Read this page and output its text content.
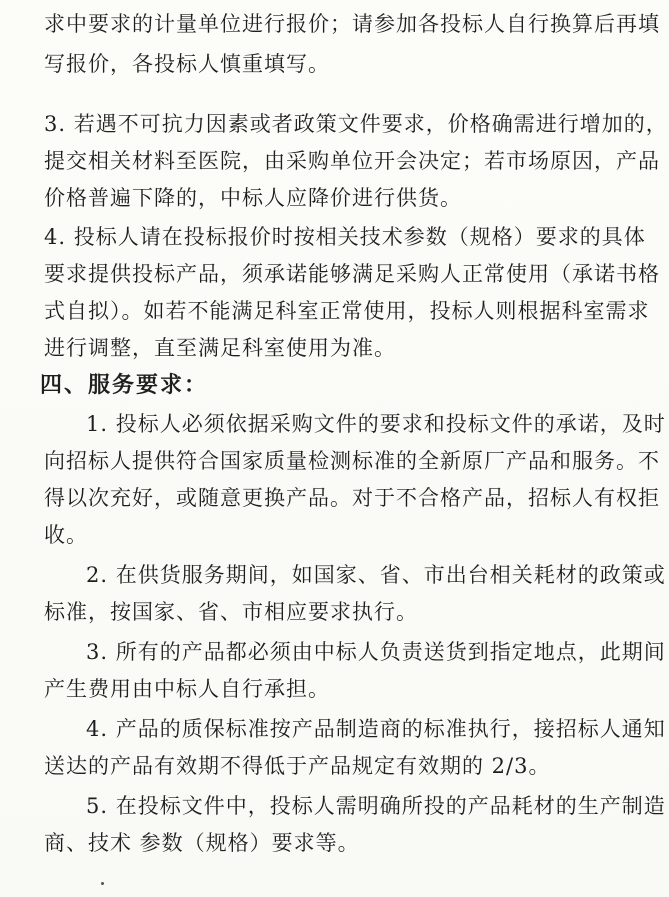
求中要求的计量单位进行报价；请参加各投标人自行换算后再填
写报价，各投标人慎重填写。
3. 若遇不可抗力因素或者政策文件要求，价格确需进行增加的，
提交相关材料至医院，由采购单位开会决定；若市场原因，产品
价格普遍下降的，中标人应降价进行供货。
4. 投标人请在投标报价时按相关技术参数（规格）要求的具体
要求提供投标产品，须承诺能够满足采购人正常使用（承诺书格
式自拟）。如若不能满足科室正常使用，投标人则根据科室需求
进行调整，直至满足科室使用为准。
四、服务要求：
1. 投标人必须依据采购文件的要求和投标文件的承诺，及时
向招标人提供符合国家质量检测标准的全新原厂产品和服务。不
得以次充好，或随意更换产品。对于不合格产品，招标人有权拒
收。
2. 在供货服务期间，如国家、省、市出台相关耗材的政策或
标准，按国家、省、市相应要求执行。
3. 所有的产品都必须由中标人负责送货到指定地点，此期间
产生费用由中标人自行承担。
4. 产品的质保标准按产品制造商的标准执行，接招标人通知
送达的产品有效期不得低于产品规定有效期的 2/3。
5. 在投标文件中，投标人需明确所投的产品耗材的生产制造
商、技术 参数（规格）要求等。
